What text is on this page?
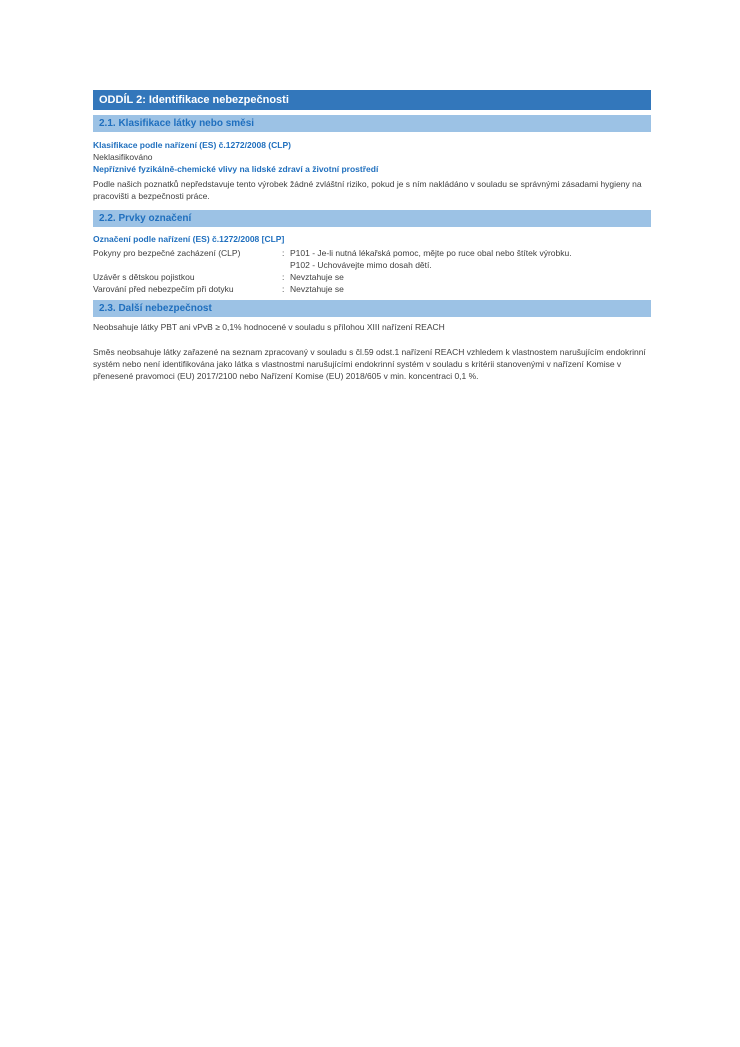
ODDÍL 2: Identifikace nebezpečnosti
2.1. Klasifikace látky nebo směsi
Klasifikace podle nařízení (ES) č.1272/2008 (CLP)
Neklasifikováno
Nepříznivé fyzikálně-chemické vlivy na lidské zdraví a životní prostředí
Podle našich poznatků nepředstavuje tento výrobek žádné zvláštní riziko, pokud je s ním nakládáno v souladu se správnými zásadami hygieny na pracovišti a bezpečnosti práce.
2.2. Prvky označení
Označení podle nařízení (ES) č.1272/2008 [CLP]
Pokyny pro bezpečné zacházení (CLP)	: P101 - Je-li nutná lékařská pomoc, mějte po ruce obal nebo štítek výrobku.
P102 - Uchovávejte mimo dosah dětí.
Uzávěr s dětskou pojistkou	: Nevztahuje se
Varování před nebezpečím při dotyku	: Nevztahuje se
2.3. Další nebezpečnost
Neobsahuje látky PBT ani vPvB ≥ 0,1% hodnocené v souladu s přílohou XIII nařízení REACH
Směs neobsahuje látky zařazené na seznam zpracovaný v souladu s čl.59 odst.1 nařízení REACH vzhledem k vlastnostem narušujícím endokrinní systém nebo není identifikována jako látka s vlastnostmi narušujícími endokrinní systém v souladu s kritérii stanovenými v nařízení Komise v přenesené pravomoci (EU) 2017/2100 nebo Nařízení Komise (EU) 2018/605 v min. koncentraci 0,1 %.
